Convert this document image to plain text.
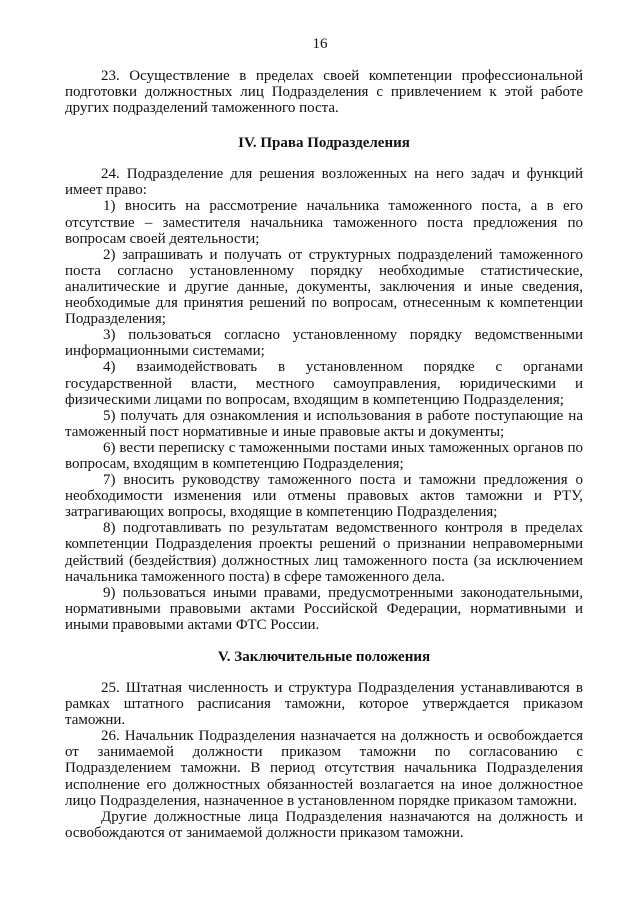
16

23. Осуществление в пределах своей компетенции профессиональной подготовки должностных лиц Подразделения с привлечением к этой работе других подразделений таможенного поста.

IV. Права Подразделения

24. Подразделение для решения возложенных на него задач и функций имеет право:

1) вносить на рассмотрение начальника таможенного поста, а в его отсутствие – заместителя начальника таможенного поста предложения по вопросам своей деятельности;

2) запрашивать и получать от структурных подразделений таможенного поста согласно установленному порядку необходимые статистические, аналитические и другие данные, документы, заключения и иные сведения, необходимые для принятия решений по вопросам, отнесенным к компетенции Подразделения;

3) пользоваться согласно установленному порядку ведомственными информационными системами;

4) взаимодействовать в установленном порядке с органами государственной власти, местного самоуправления, юридическими и физическими лицами по вопросам, входящим в компетенцию Подразделения;

5) получать для ознакомления и использования в работе поступающие на таможенный пост нормативные и иные правовые акты и документы;

6) вести переписку с таможенными постами иных таможенных органов по вопросам, входящим в компетенцию Подразделения;

7) вносить руководству таможенного поста и таможни предложения о необходимости изменения или отмены правовых актов таможни и РТУ, затрагивающих вопросы, входящие в компетенцию Подразделения;

8) подготавливать по результатам ведомственного контроля в пределах компетенции Подразделения проекты решений о признании неправомерными действий (бездействия) должностных лиц таможенного поста (за исключением начальника таможенного поста) в сфере таможенного дела.

9) пользоваться иными правами, предусмотренными законодательными, нормативными правовыми актами Российской Федерации, нормативными и иными правовыми актами ФТС России.

V. Заключительные положения

25. Штатная численность и структура Подразделения устанавливаются в рамках штатного расписания таможни, которое утверждается приказом таможни.

26. Начальник Подразделения назначается на должность и освобождается от занимаемой должности приказом таможни по согласованию с Подразделением таможни. В период отсутствия начальника Подразделения исполнение его должностных обязанностей возлагается на иное должностное лицо Подразделения, назначенное в установленном порядке приказом таможни.

Другие должностные лица Подразделения назначаются на должность и освобождаются от занимаемой должности приказом таможни.
